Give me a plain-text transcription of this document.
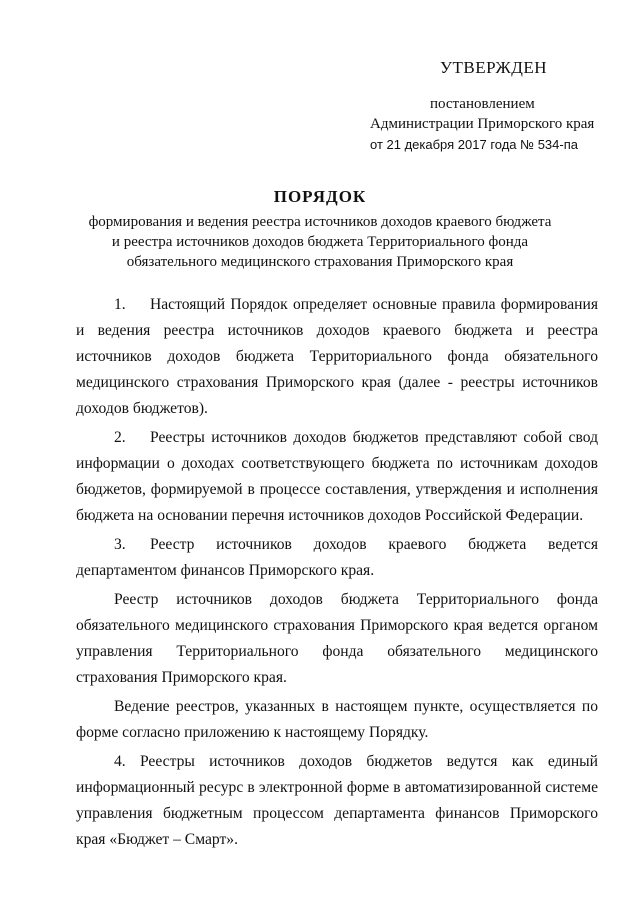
УТВЕРЖДЕН
постановлением
Администрации Приморского края
от 21 декабря 2017 года № 534-па
ПОРЯДОК
формирования и ведения реестра источников доходов краевого бюджета
и реестра источников доходов бюджета Территориального фонда
обязательного медицинского страхования Приморского края

1. Настоящий Порядок определяет основные правила формирования и ведения реестра источников доходов краевого бюджета и реестра источников доходов бюджета Территориального фонда обязательного медицинского страхования Приморского края (далее - реестры источников доходов бюджетов).

2. Реестры источников доходов бюджетов представляют собой свод информации о доходах соответствующего бюджета по источникам доходов бюджетов, формируемой в процессе составления, утверждения и исполнения бюджета на основании перечня источников доходов Российской Федерации.

3. Реестр источников доходов краевого бюджета ведется департаментом финансов Приморского края.

Реестр источников доходов бюджета Территориального фонда обязательного медицинского страхования Приморского края ведется органом управления Территориального фонда обязательного медицинского страхования Приморского края.

Ведение реестров, указанных в настоящем пункте, осуществляется по форме согласно приложению к настоящему Порядку.

4. Реестры источников доходов бюджетов ведутся как единый информационный ресурс в электронной форме в автоматизированной системе управления бюджетным процессом департамента финансов Приморского края «Бюджет – Смарт».
